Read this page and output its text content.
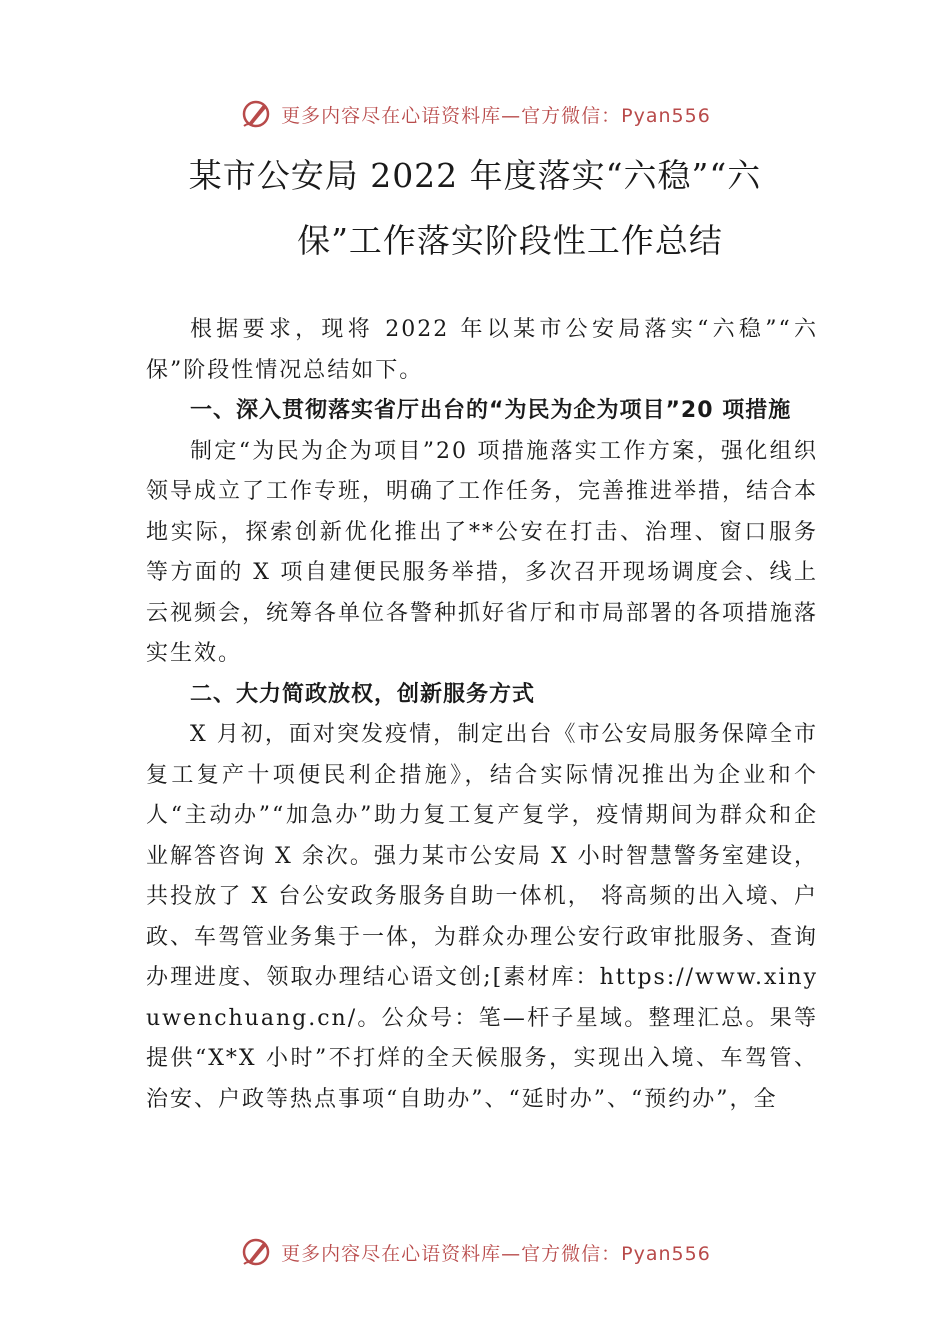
更多内容尽在心语资料库—官方微信：Pyan556
某市公安局 2022 年度落实“六稳”“六
保”工作落实阶段性工作总结

根据要求，现将 2022 年以某市公安局落实“六稳”“六保”阶段性情况总结如下。

一、深入贯彻落实省厅出台的“为民为企为项目”20 项措施

制定“为民为企为项目”20 项措施落实工作方案，强化组织领导成立了工作专班，明确了工作任务，完善推进举措，结合本地实际，探索创新优化推出了**公安在打击、治理、窗口服务等方面的 X 项自建便民服务举措，多次召开现场调度会、线上云视频会，统筹各单位各警种抓好省厅和市局部署的各项措施落实生效。

二、大力简政放权，创新服务方式

X 月初，面对突发疫情，制定出台《市公安局服务保障全市复工复产十项便民利企措施》，结合实际情况推出为企业和个人“主动办”“加急办”助力复工复产复学，疫情期间为群众和企业解答咨询 X 余次。强力某市公安局 X 小时智慧警务室建设，共投放了 X 台公安政务服务自助一体机， 将高频的出入境、户政、车驾管业务集于一体，为群众办理公安行政审批服务、查询办理进度、领取办理结心语文创;[素材库：https://www.xinyuwenchuang.cn/。公众号：笔—杆子星域。整理汇总。果等提供“X*X 小时”不打烊的全天候服务，实现出入境、车驾管、治安、户政等热点事项“自助办”、“延时办”、“预约办”，全

更多内容尽在心语资料库—官方微信：Pyan556
